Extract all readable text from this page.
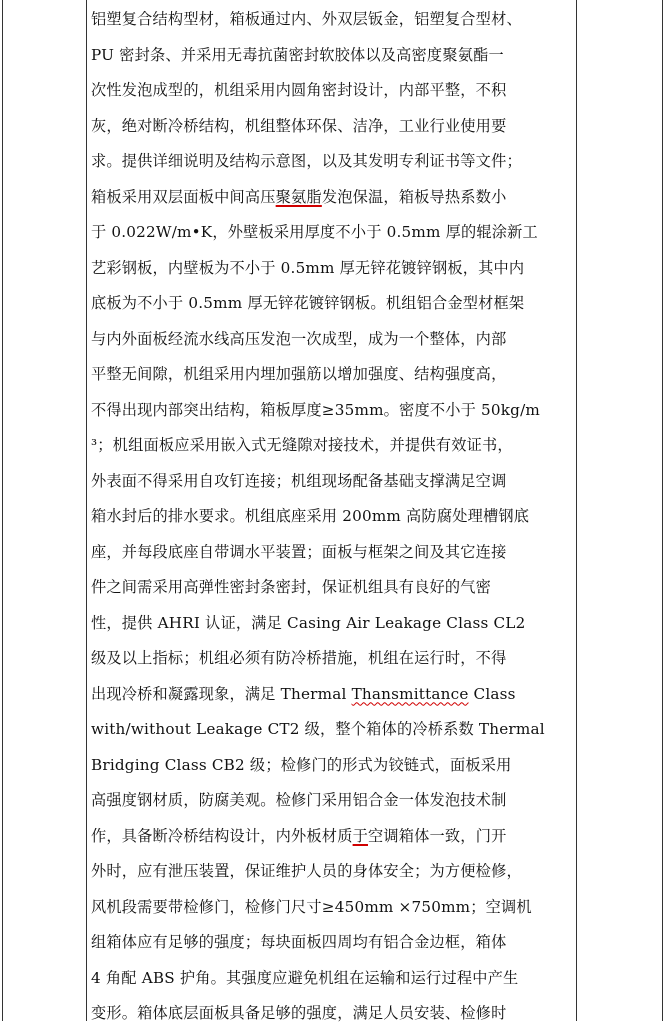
铝塑复合结构型材，箱板通过内、外双层钣金，铝塑复合型材、
PU 密封条、并采用无毒抗菌密封软胶体以及高密度聚氨酯一
次性发泡成型的，机组采用内圆角密封设计，内部平整，不积
灰，绝对断冷桥结构，机组整体环保、洁净，工业行业使用要
求。提供详细说明及结构示意图，以及其发明专利证书等文件；
箱板采用双层面板中间高压聚氨脂发泡保温，箱板导热系数小
于 0.022W/m•K，外壁板采用厚度不小于 0.5mm 厚的辊涂新工
艺彩钢板，内壁板为不小于 0.5mm 厚无锌花镀锌钢板，其中内
底板为不小于 0.5mm 厚无锌花镀锌钢板。机组铝合金型材框架
与内外面板经流水线高压发泡一次成型，成为一个整体，内部
平整无间隙，机组采用内埋加强筋以增加强度、结构强度高，
不得出现内部突出结构，箱板厚度≥35mm。密度不小于 50kg/m
³；机组面板应采用嵌入式无缝隙对接技术，并提供有效证书，
外表面不得采用自攻钉连接；机组现场配备基础支撑满足空调
箱水封后的排水要求。机组底座采用 200mm 高防腐处理槽钢底
座，并每段底座自带调水平装置；面板与框架之间及其它连接
件之间需采用高弹性密封条密封，保证机组具有良好的气密
性，提供 AHRI 认证，满足 Casing Air Leakage Class CL2
级及以上指标；机组必须有防冷桥措施，机组在运行时，不得
出现冷桥和凝露现象，满足 Thermal Thansmittance Class
with/without Leakage CT2 级，整个箱体的冷桥系数 Thermal
Bridging Class CB2 级；检修门的形式为铰链式，面板采用
高强度钢材质，防腐美观。检修门采用铝合金一体发泡技术制
作，具备断冷桥结构设计，内外板材质于空调箱体一致，门开
外时，应有泄压装置，保证维护人员的身体安全；为方便检修，
风机段需要带检修门，检修门尺寸≥450mm ×750mm；空调机
组箱体应有足够的强度；每块面板四周均有铝合金边框，箱体
4 角配 ABS 护角。其强度应避免机组在运输和运行过程中产生
变形。箱体底层面板具备足够的强度，满足人员安装、检修时
